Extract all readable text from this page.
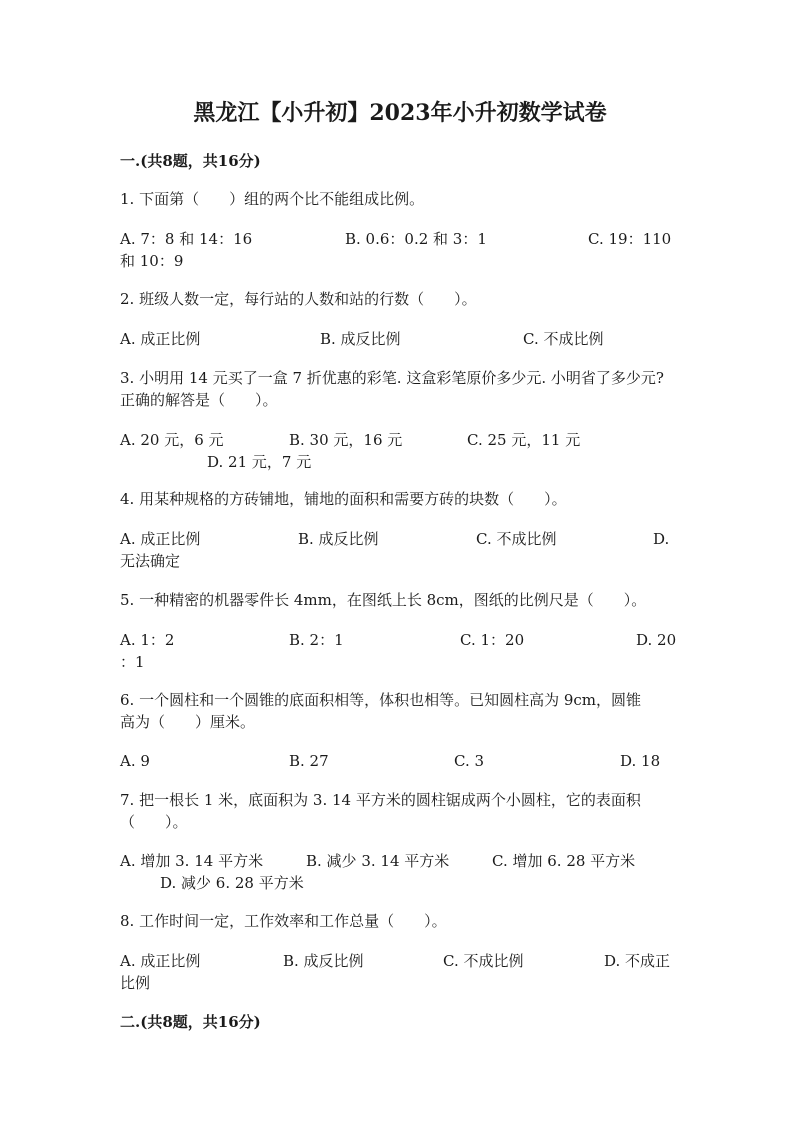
黑龙江【小升初】2023年小升初数学试卷
一.(共8题，共16分)
1. 下面第（　　）组的两个比不能组成比例。
A. 7：8 和 14：16	B. 0.6：0.2 和 3：1	C. 19：110
和 10：9
2. 班级人数一定，每行站的人数和站的行数（　　）。
A. 成正比例	B. 成反比例	C. 不成比例
3. 小明用 14 元买了一盒 7 折优惠的彩笔. 这盒彩笔原价多少元. 小明省了多少元?
正确的解答是（　　）。
A. 20 元，6 元	B. 30 元，16 元	C. 25 元，11 元
D. 21 元，7 元
4. 用某种规格的方砖铺地，铺地的面积和需要方砖的块数（　　）。
A. 成正比例	B. 成反比例	C. 不成比例	D.
无法确定
5. 一种精密的机器零件长 4mm，在图纸上长 8cm，图纸的比例尺是（　　）。
A. 1：2	B. 2：1	C. 1：20	D. 20
：1
6. 一个圆柱和一个圆锥的底面积相等，体积也相等。已知圆柱高为 9cm，圆锥
高为（　　）厘米。
A. 9	B. 27	C. 3	D. 18
7. 把一根长 1 米，底面积为 3. 14 平方米的圆柱锯成两个小圆柱，它的表面积
（　　）。
A. 增加 3. 14 平方米	B. 减少 3. 14 平方米	C. 增加 6. 28 平方米
D. 减少 6. 28 平方米
8. 工作时间一定，工作效率和工作总量（　　）。
A. 成正比例	B. 成反比例	C. 不成比例	D. 不成正
比例
二.(共8题，共16分)
